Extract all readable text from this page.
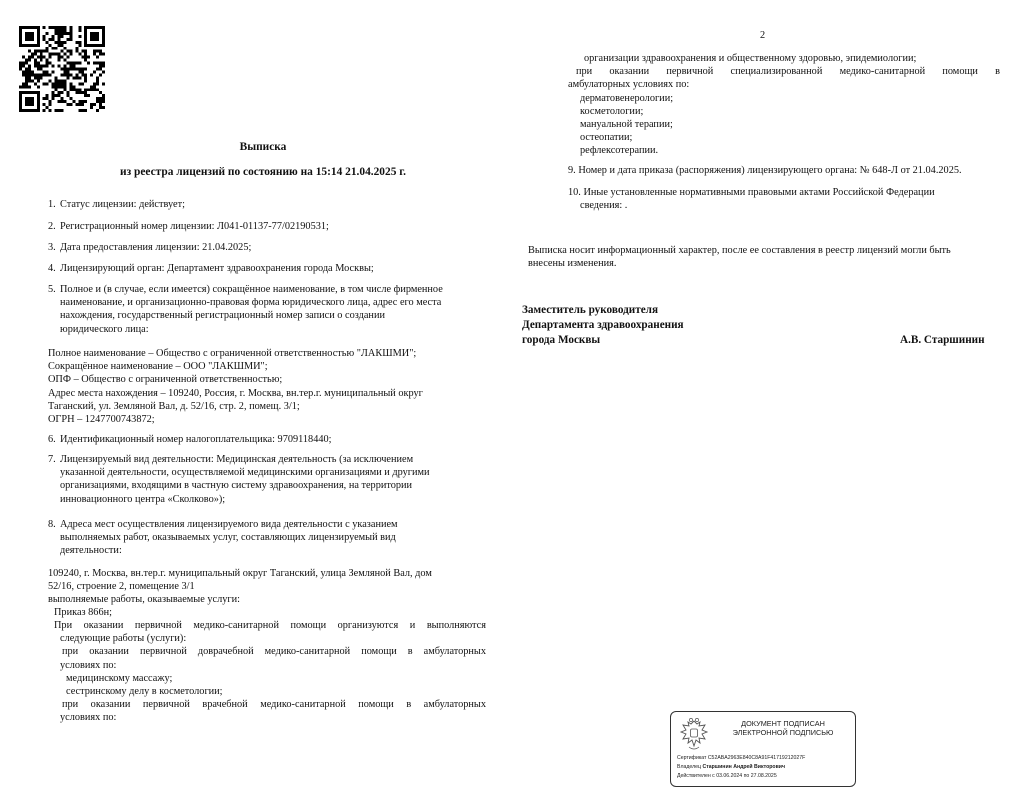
Выписка
из реестра лицензий по состоянию на 15:14 21.04.2025 г.
1. Статус лицензии: действует;
2. Регистрационный номер лицензии: Л041-01137-77/02190531;
3. Дата предоставления лицензии: 21.04.2025;
4. Лицензирующий орган: Департамент здравоохранения города Москвы;
5. Полное и (в случае, если имеется) сокращённое наименование, в том числе фирменное
наименование, и организационно-правовая форма юридического лица, адрес его места
нахождения, государственный регистрационный номер записи о создании
юридического лица:
Полное наименование – Общество с ограниченной ответственностью "ЛАКШМИ";
Сокращённое наименование – ООО "ЛАКШМИ";
ОПФ – Общество с ограниченной ответственностью;
Адрес места нахождения – 109240, Россия, г. Москва, вн.тер.г. муниципальный округ
Таганский, ул. Земляной Вал, д. 52/16, стр. 2, помещ. 3/1;
ОГРН – 1247700743872;
6. Идентификационный номер налогоплательщика: 9709118440;
7. Лицензируемый вид деятельности: Медицинская деятельность (за исключением
указанной деятельности, осуществляемой медицинскими организациями и другими
организациями, входящими в частную систему здравоохранения, на территории
инновационного центра «Сколково»);
8. Адреса мест осуществления лицензируемого вида деятельности с указанием
выполняемых работ, оказываемых услуг, составляющих лицензируемый вид
деятельности:
109240, г. Москва, вн.тер.г. муниципальный округ Таганский, улица Земляной Вал, дом
52/16, строение 2, помещение 3/1
выполняемые работы, оказываемые услуги:
Приказ 866н;
При оказании первичной медико-санитарной помощи организуются и выполняются
следующие работы (услуги):
при оказании первичной доврачебной медико-санитарной помощи в амбулаторных
условиях по:
медицинскому массажу;
сестринскому делу в косметологии;
при оказании первичной врачебной медико-санитарной помощи в амбулаторных
условиях по:
2
организации здравоохранения и общественному здоровью, эпидемиологии;
при оказании первичной специализированной медико-санитарной помощи в
амбулаторных условиях по:
дерматовенерологии;
косметологии;
мануальной терапии;
остеопатии;
рефлексотерапии.
9. Номер и дата приказа (распоряжения) лицензирующего органа: № 648-Л от 21.04.2025.
10. Иные установленные нормативными правовыми актами Российской Федерации
сведения: .
Выписка носит информационный характер, после ее составления в реестр лицензий могли быть
внесены изменения.
Заместитель руководителя
Департамента здравоохранения
города Москвы	А.В. Старшинин
ДОКУМЕНТ ПОДПИСАН
ЭЛЕКТРОННОЙ ПОДПИСЬЮ
Сертификат C52ABA2963E840C8A91F41719212027F
Владелец Старшинин Андрей Викторович
Действителен с 03.06.2024 по 27.08.2025
